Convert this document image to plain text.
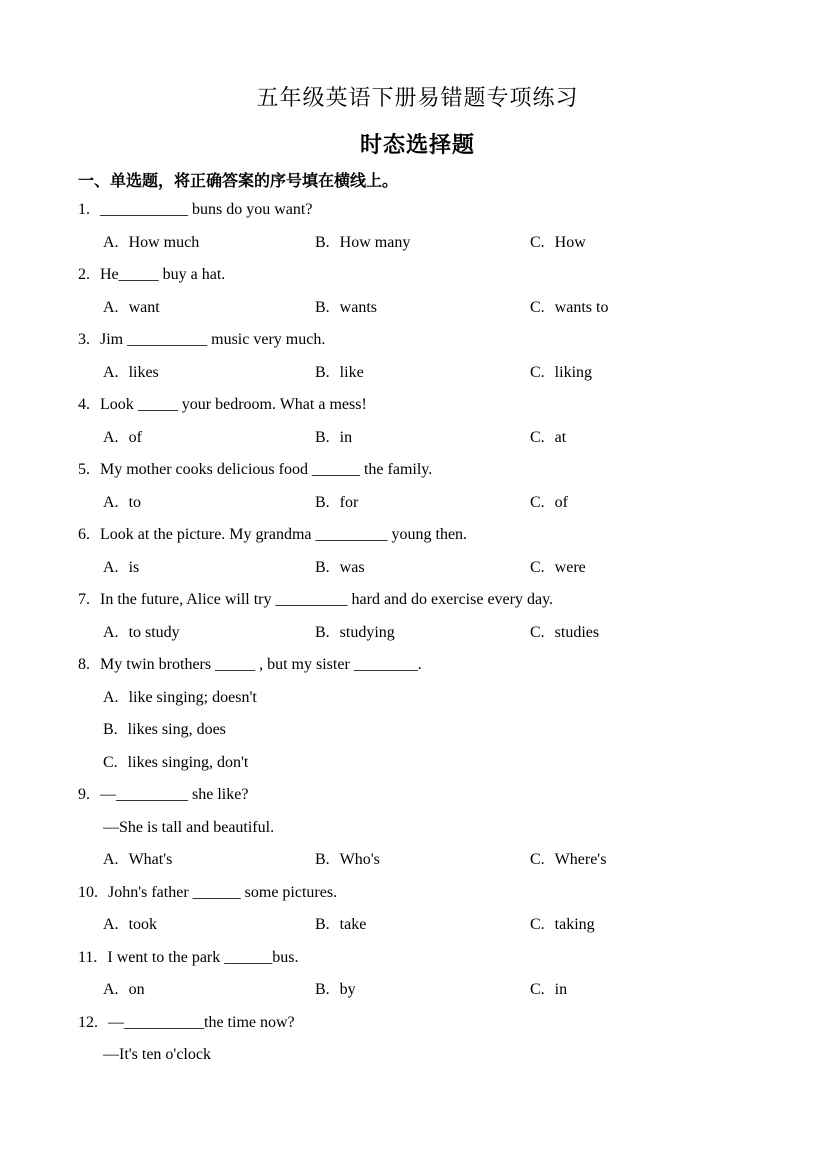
五年级英语下册易错题专项练习
时态选择题
一、单选题，将正确答案的序号填在横线上。
1. ___________ buns do you want?
A. How much	B. How many	C. How
2. He_____ buy a hat.
A. want	B. wants	C. wants to
3. Jim __________ music very much.
A. likes	B. like	C. liking
4. Look _____ your bedroom. What a mess!
A. of	B. in	C. at
5. My mother cooks delicious food ______ the family.
A. to	B. for	C. of
6. Look at the picture. My grandma _________ young then.
A. is	B. was	C. were
7. In the future, Alice will try _________ hard and do exercise every day.
A. to study	B. studying	C. studies
8. My twin brothers _____ , but my sister ________.
A. like singing; doesn't
B. likes sing, does
C. likes singing, don't
9. —_________ she like?
—She is tall and beautiful.
A. What's	B. Who's	C. Where's
10. John's father ______ some pictures.
A. took	B. take	C. taking
11. I went to the park ______bus.
A. on	B. by	C. in
12. —__________the time now?
—It's ten o'clock
